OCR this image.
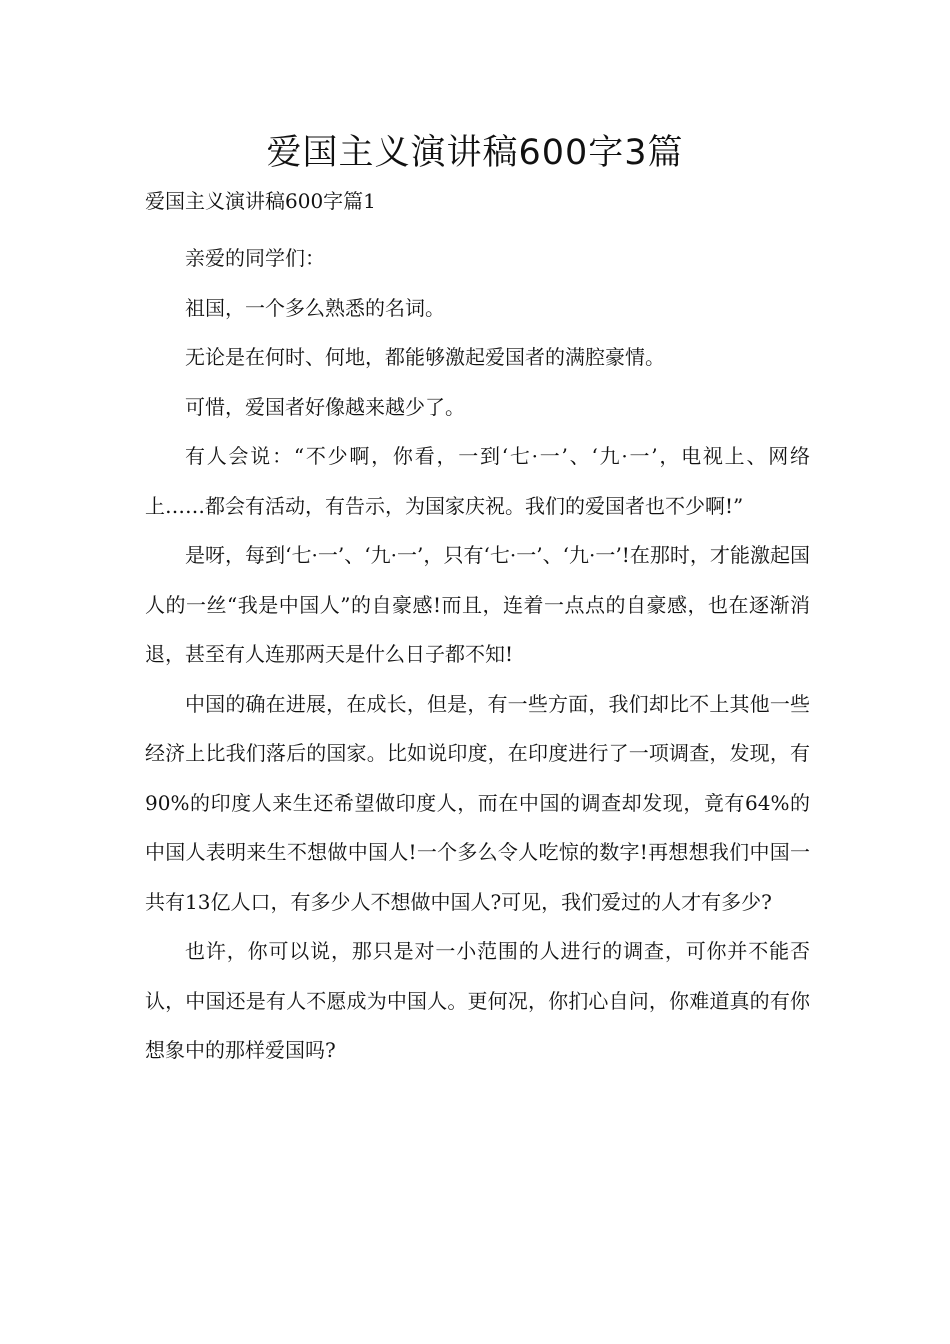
爱国主义演讲稿600字3篇

爱国主义演讲稿600字篇1

亲爱的同学们：

祖国，一个多么熟悉的名词。

无论是在何时、何地，都能够激起爱国者的满腔豪情。

可惜，爱国者好像越来越少了。

有人会说：“不少啊，你看，一到‘七·一’、‘九·一’，电视上、网络上……都会有活动，有告示，为国家庆祝。我们的爱国者也不少啊!”

是呀，每到‘七·一’、‘九·一’，只有‘七·一’、‘九·一’!在那时，才能激起国人的一丝“我是中国人”的自豪感!而且，连着一点点的自豪感，也在逐渐消退，甚至有人连那两天是什么日子都不知!

中国的确在进展，在成长，但是，有一些方面，我们却比不上其他一些经济上比我们落后的国家。比如说印度，在印度进行了一项调查，发现，有90%的印度人来生还希望做印度人，而在中国的调查却发现，竟有64%的中国人表明来生不想做中国人!一个多么令人吃惊的数字!再想想我们中国一共有13亿人口，有多少人不想做中国人?可见，我们爱过的人才有多少?

也许，你可以说，那只是对一小范围的人进行的调查，可你并不能否认，中国还是有人不愿成为中国人。更何况，你扪心自问，你难道真的有你想象中的那样爱国吗?
